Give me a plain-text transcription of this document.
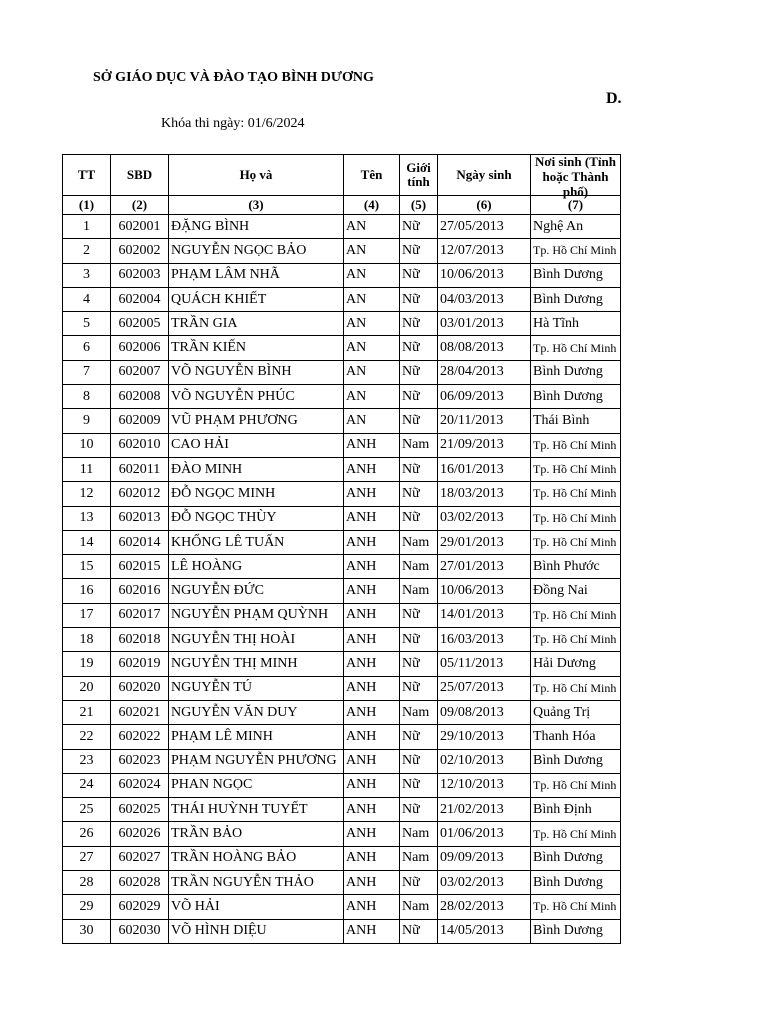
SỞ GIÁO DỤC VÀ ĐÀO TẠO BÌNH DƯƠNG
D.
Khóa thi ngày: 01/6/2024
TT	SBD	Họ và	Tên	Giới tính	Ngày sinh	Nơi sinh (Tỉnh hoặc Thành phố)

(1)	(2)	(3)	(4)	(5)	(6)	(7)
1	602001	ĐẶNG BÌNH	AN	Nữ	27/05/2013	Nghệ An
2	602002	NGUYỄN NGỌC BẢO	AN	Nữ	12/07/2013	Tp. Hồ Chí Minh
3	602003	PHẠM LÂM NHÃ	AN	Nữ	10/06/2013	Bình Dương
4	602004	QUÁCH KHIẾT	AN	Nữ	04/03/2013	Bình Dương
5	602005	TRẦN GIA	AN	Nữ	03/01/2013	Hà Tĩnh
6	602006	TRẦN KIẾN	AN	Nữ	08/08/2013	Tp. Hồ Chí Minh
7	602007	VÕ NGUYỄN BÌNH	AN	Nữ	28/04/2013	Bình Dương
8	602008	VÕ NGUYỄN PHÚC	AN	Nữ	06/09/2013	Bình Dương
9	602009	VŨ PHẠM PHƯƠNG	AN	Nữ	20/11/2013	Thái Bình
10	602010	CAO HẢI	ANH	Nam	21/09/2013	Tp. Hồ Chí Minh
11	602011	ĐÀO MINH	ANH	Nữ	16/01/2013	Tp. Hồ Chí Minh
12	602012	ĐỖ NGỌC MINH	ANH	Nữ	18/03/2013	Tp. Hồ Chí Minh
13	602013	ĐỖ NGỌC THÙY	ANH	Nữ	03/02/2013	Tp. Hồ Chí Minh
14	602014	KHỔNG LÊ TUẤN	ANH	Nam	29/01/2013	Tp. Hồ Chí Minh
15	602015	LÊ HOÀNG	ANH	Nam	27/01/2013	Bình Phước
16	602016	NGUYỄN ĐỨC	ANH	Nam	10/06/2013	Đồng Nai
17	602017	NGUYỄN PHẠM QUỲNH	ANH	Nữ	14/01/2013	Tp. Hồ Chí Minh
18	602018	NGUYỄN THỊ HOÀI	ANH	Nữ	16/03/2013	Tp. Hồ Chí Minh
19	602019	NGUYỄN THỊ MINH	ANH	Nữ	05/11/2013	Hải Dương
20	602020	NGUYỄN TÚ	ANH	Nữ	25/07/2013	Tp. Hồ Chí Minh
21	602021	NGUYỄN VĂN DUY	ANH	Nam	09/08/2013	Quảng Trị
22	602022	PHẠM LÊ MINH	ANH	Nữ	29/10/2013	Thanh Hóa
23	602023	PHẠM NGUYỄN PHƯƠNG	ANH	Nữ	02/10/2013	Bình Dương
24	602024	PHAN NGỌC	ANH	Nữ	12/10/2013	Tp. Hồ Chí Minh
25	602025	THÁI HUỲNH TUYẾT	ANH	Nữ	21/02/2013	Bình Định
26	602026	TRẦN BẢO	ANH	Nam	01/06/2013	Tp. Hồ Chí Minh
27	602027	TRẦN HOÀNG BẢO	ANH	Nam	09/09/2013	Bình Dương
28	602028	TRẦN NGUYỄN THẢO	ANH	Nữ	03/02/2013	Bình Dương
29	602029	VÕ HẢI	ANH	Nam	28/02/2013	Tp. Hồ Chí Minh
30	602030	VÕ HÌNH DIỆU	ANH	Nữ	14/05/2013	Bình Dương
